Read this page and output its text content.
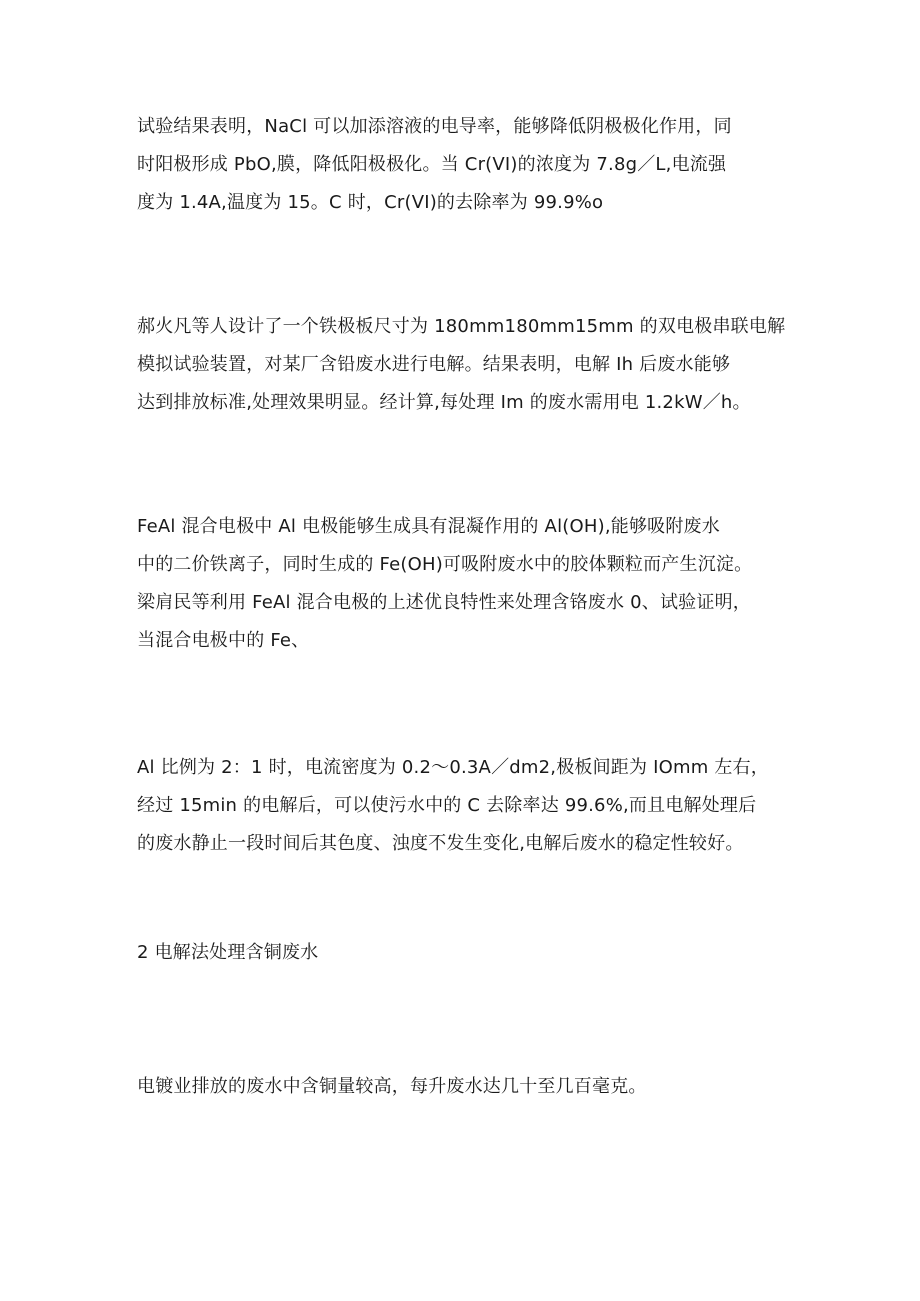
试验结果表明，NaCl 可以加添溶液的电导率，能够降低阴极极化作用，同
时阳极形成 PbO,膜，降低阳极极化。当 Cr(VI)的浓度为 7.8g／L,电流强
度为 1.4A,温度为 15。C 时，Cr(VI)的去除率为 99.9%o

郝火凡等人设计了一个铁极板尺寸为 180mm180mm15mm 的双电极串联电解
模拟试验装置，对某厂含铅废水进行电解。结果表明，电解 Ih 后废水能够
达到排放标准,处理效果明显。经计算,每处理 Im 的废水需用电 1.2kW／h。

FeAl 混合电极中 Al 电极能够生成具有混凝作用的 Al(OH),能够吸附废水
中的二价铁离子，同时生成的 Fe(OH)可吸附废水中的胶体颗粒而产生沉淀。
梁肩民等利用 FeAl 混合电极的上述优良特性来处理含铬废水 0、试验证明，
当混合电极中的 Fe、

Al 比例为 2：1 时，电流密度为 0.2～0.3A／dm2,极板间距为 IOmm 左右，
经过 15min 的电解后，可以使污水中的 C 去除率达 99.6%,而且电解处理后
的废水静止一段时间后其色度、浊度不发生变化,电解后废水的稳定性较好。

2 电解法处理含铜废水

电镀业排放的废水中含铜量较高，每升废水达几十至几百毫克。
